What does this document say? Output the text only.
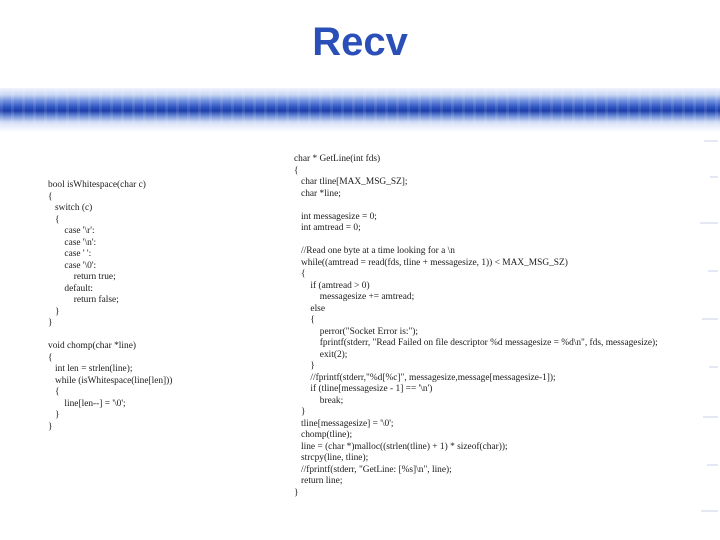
Recv
bool isWhitespace(char c)
{
switch (c)
{
case '\r':
case '\n':
case ' ':
case '\0':
return true;
default:
return false;
}
}

void chomp(char *line)
{
int len = strlen(line);
while (isWhitespace(line[len]))
{
line[len--] = '\0';
}
}
char * GetLine(int fds)
{
char tline[MAX_MSG_SZ];
char *line;

int messagesize = 0;
int amtread = 0;

//Read one byte at a time looking for a \n
while((amtread = read(fds, tline + messagesize, 1)) < MAX_MSG_SZ)
{
if (amtread > 0)
messagesize += amtread;
else
{
perror("Socket Error is:");
fprintf(stderr, "Read Failed on file descriptor %d messagesize = %d\n", fds, messagesize);
exit(2);
}
//fprintf(stderr,"%d[%c]", messagesize,message[messagesize-1]);
if (tline[messagesize - 1] == '\n')
break;
}
tline[messagesize] = '\0';
chomp(tline);
line = (char *)malloc((strlen(tline) + 1) * sizeof(char));
strcpy(line, tline);
//fprintf(stderr, "GetLine: [%s]\n", line);
return line;
}
